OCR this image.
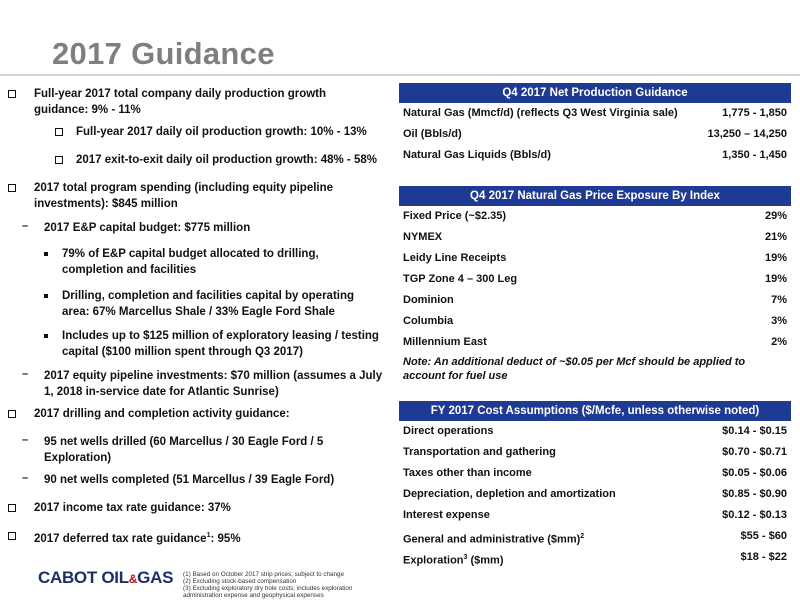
2017 Guidance
Full-year 2017 total company daily production growth guidance: 9% - 11%
Full-year 2017 daily oil production growth: 10% - 13%
2017 exit-to-exit daily oil production growth: 48% - 58%
2017 total program spending (including equity pipeline investments): $845 million
– 2017 E&P capital budget: $775 million
79% of E&P capital budget allocated to drilling, completion and facilities
Drilling, completion and facilities capital by operating area: 67% Marcellus Shale / 33% Eagle Ford Shale
Includes up to $125 million of exploratory leasing / testing capital ($100 million spent through Q3 2017)
– 2017 equity pipeline investments: $70 million (assumes a July 1, 2018 in-service date for Atlantic Sunrise)
2017 drilling and completion activity guidance:
– 95 net wells drilled (60 Marcellus / 30 Eagle Ford / 5 Exploration)
– 90 net wells completed (51 Marcellus / 39 Eagle Ford)
2017 income tax rate guidance: 37%
2017 deferred tax rate guidance$^1$: 95%
Q4 2017 Net Production Guidance
Natural Gas (Mmcf/d) (reflects Q3 West Virginia sale)	1,775 - 1,850
Oil (Bbls/d)	13,250 – 14,250
Natural Gas Liquids (Bbls/d)	1,350 - 1,450
Q4 2017 Natural Gas Price Exposure By Index
Fixed Price (~$2.35)	29%
NYMEX	21%
Leidy Line Receipts	19%
TGP Zone 4 – 300 Leg	19%
Dominion	7%
Columbia	3%
Millennium East	2%
Note: An additional deduct of ~$0.05 per Mcf should be applied to account for fuel use
FY 2017 Cost Assumptions ($/Mcfe, unless otherwise noted)
Direct operations	$0.14 - $0.15
Transportation and gathering	$0.70 - $0.71
Taxes other than income	$0.05 - $0.06
Depreciation, depletion and amortization	$0.85 - $0.90
Interest expense	$0.12 - $0.13
General and administrative ($mm)$^2$	$55 - $60
Exploration$^3$ ($mm)	$18 - $22
CABOT OIL&GAS (1) Based on October 2017 strip prices; subject to change
(2) Excluding stock-based compensation
(3) Excluding exploratory dry hole costs; includes exploration
administration expense and geophysical expenses
